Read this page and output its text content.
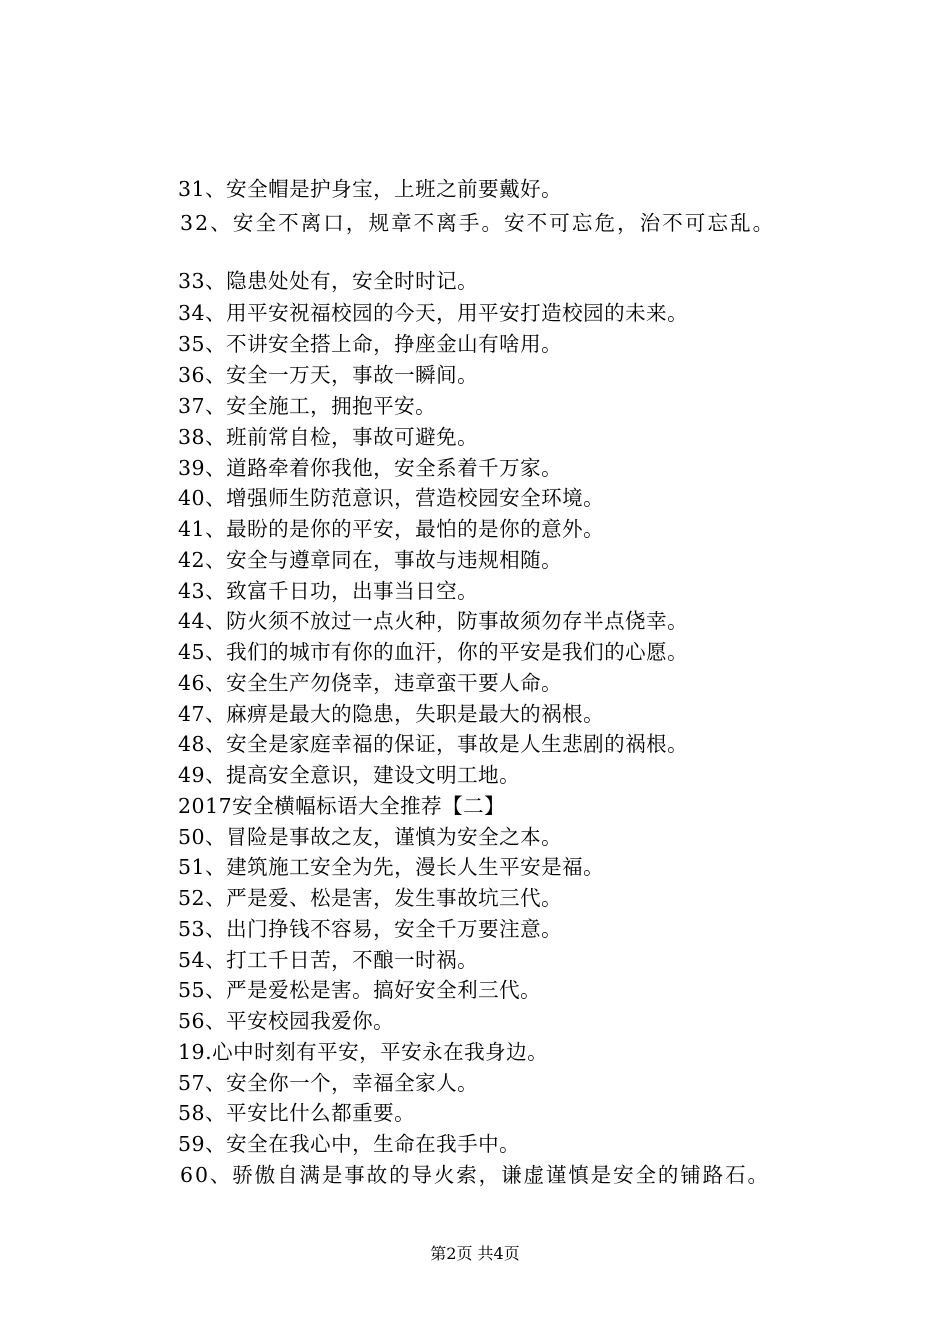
31、安全帽是护身宝，上班之前要戴好。
32、安全不离口，规章不离手。安不可忘危，治不可忘乱。
33、隐患处处有，安全时时记。
34、用平安祝福校园的今天，用平安打造校园的未来。
35、不讲安全搭上命，挣座金山有啥用。
36、安全一万天，事故一瞬间。
37、安全施工，拥抱平安。
38、班前常自检，事故可避免。
39、道路牵着你我他，安全系着千万家。
40、增强师生防范意识，营造校园安全环境。
41、最盼的是你的平安，最怕的是你的意外。
42、安全与遵章同在，事故与违规相随。
43、致富千日功，出事当日空。
44、防火须不放过一点火种，防事故须勿存半点侥幸。
45、我们的城市有你的血汗，你的平安是我们的心愿。
46、安全生产勿侥幸，违章蛮干要人命。
47、麻痹是最大的隐患，失职是最大的祸根。
48、安全是家庭幸福的保证，事故是人生悲剧的祸根。
49、提高安全意识，建设文明工地。
2017安全横幅标语大全推荐【二】
50、冒险是事故之友，谨慎为安全之本。
51、建筑施工安全为先，漫长人生平安是福。
52、严是爱、松是害，发生事故坑三代。
53、出门挣钱不容易，安全千万要注意。
54、打工千日苦，不酿一时祸。
55、严是爱松是害。搞好安全利三代。
56、平安校园我爱你。
19.心中时刻有平安，平安永在我身边。
57、安全你一个，幸福全家人。
58、平安比什么都重要。
59、安全在我心中，生命在我手中。
60、骄傲自满是事故的导火索，谦虚谨慎是安全的铺路石。
第2页 共4页
